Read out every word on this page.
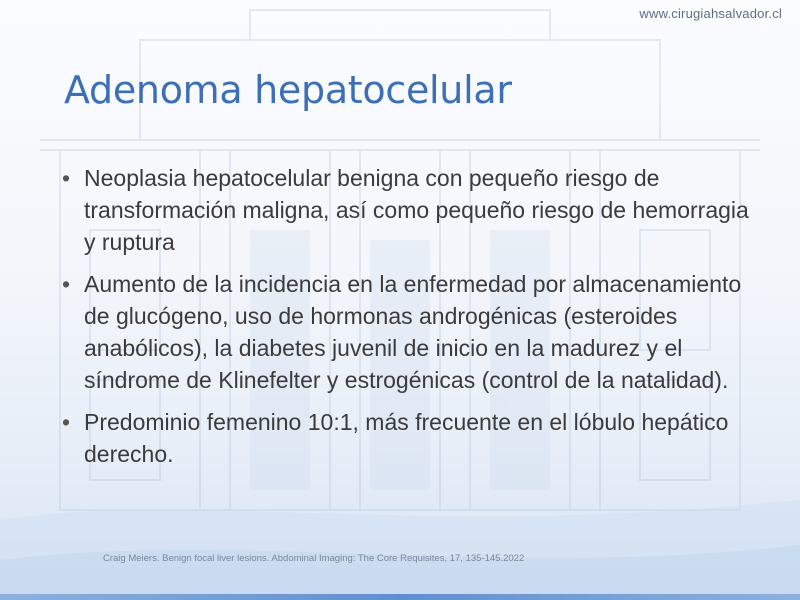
www.cirugiahsalvador.cl
Adenoma hepatocelular
• Neoplasia hepatocelular benigna con pequeño riesgo de transformación maligna, así como pequeño riesgo de hemorragia y ruptura
• Aumento de la incidencia en la enfermedad por almacenamiento de glucógeno, uso de hormonas androgénicas (esteroides anabólicos), la diabetes juvenil de inicio en la madurez y el síndrome de Klinefelter y estrogénicas (control de la natalidad).
• Predominio femenino 10:1, más frecuente en el lóbulo hepático derecho.
Craig Meiers. Benign focal liver lesions. Abdominal Imaging: The Core Requisites, 17, 135-145.2022
